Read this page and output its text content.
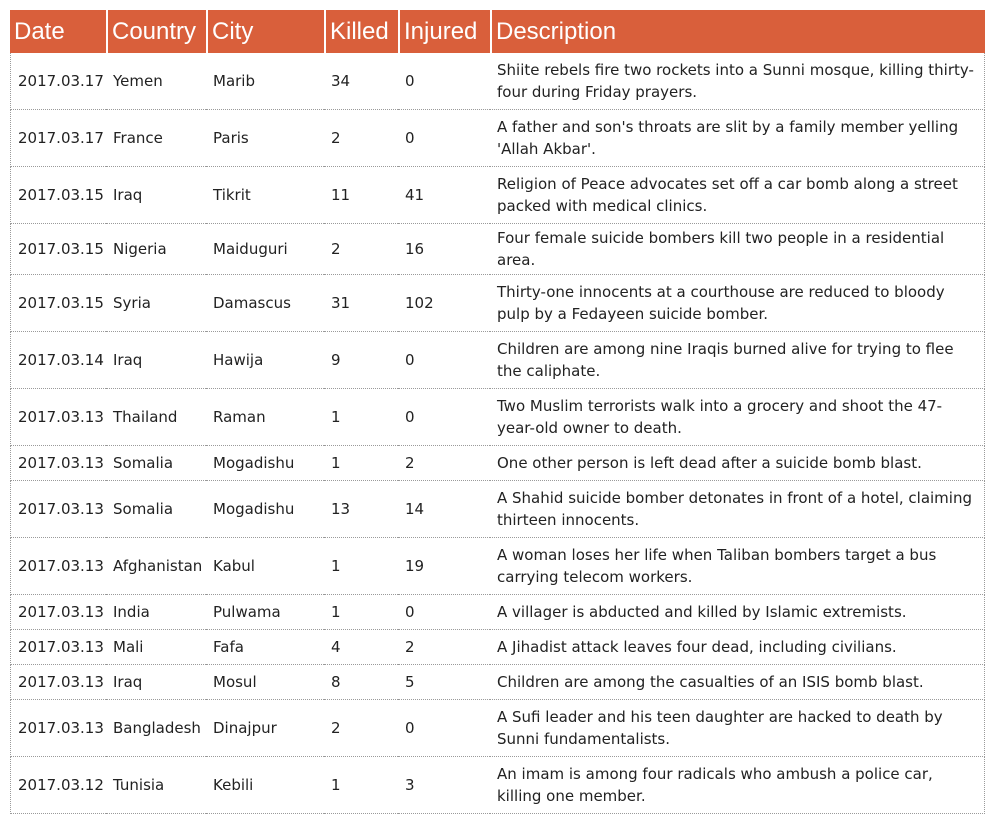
Date	Country	City	Killed	Injured	Description
2017.03.17	Yemen	Marib	34	0	Shiite rebels fire two rockets into a Sunni mosque, killing thirty-four during Friday prayers.
2017.03.17	France	Paris	2	0	A father and son's throats are slit by a family member yelling 'Allah Akbar'.
2017.03.15	Iraq	Tikrit	11	41	Religion of Peace advocates set off a car bomb along a street packed with medical clinics.
2017.03.15	Nigeria	Maiduguri	2	16	Four female suicide bombers kill two people in a residential area.
2017.03.15	Syria	Damascus	31	102	Thirty-one innocents at a courthouse are reduced to bloody pulp by a Fedayeen suicide bomber.
2017.03.14	Iraq	Hawija	9	0	Children are among nine Iraqis burned alive for trying to flee the caliphate.
2017.03.13	Thailand	Raman	1	0	Two Muslim terrorists walk into a grocery and shoot the 47-year-old owner to death.
2017.03.13	Somalia	Mogadishu	1	2	One other person is left dead after a suicide bomb blast.
2017.03.13	Somalia	Mogadishu	13	14	A Shahid suicide bomber detonates in front of a hotel, claiming thirteen innocents.
2017.03.13	Afghanistan	Kabul	1	19	A woman loses her life when Taliban bombers target a bus carrying telecom workers.
2017.03.13	India	Pulwama	1	0	A villager is abducted and killed by Islamic extremists.
2017.03.13	Mali	Fafa	4	2	A Jihadist attack leaves four dead, including civilians.
2017.03.13	Iraq	Mosul	8	5	Children are among the casualties of an ISIS bomb blast.
2017.03.13	Bangladesh	Dinajpur	2	0	A Sufi leader and his teen daughter are hacked to death by Sunni fundamentalists.
2017.03.12	Tunisia	Kebili	1	3	An imam is among four radicals who ambush a police car, killing one member.
